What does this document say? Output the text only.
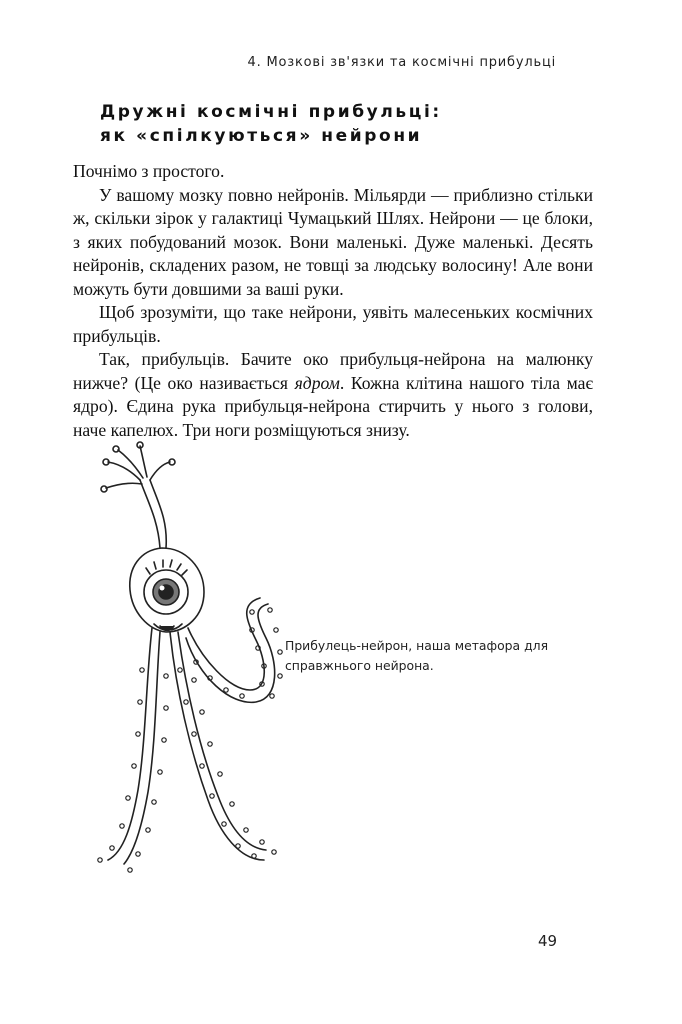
4. Мозкові зв'язки та космічні прибульці
Дружні космічні прибульці:
як «спілкуються» нейрони

Почнімо з простого.

У вашому мозку повно нейронів. Мільярди — приблизно стільки ж, скільки зірок у галактиці Чумацький Шлях. Нейрони — це блоки, з яких побудований мозок. Вони маленькі. Дуже маленькі. Десять нейронів, складених разом, не товщі за людську волосину! Але вони можуть бути довшими за ваші руки.

Щоб зрозуміти, що таке нейрони, уявіть малесеньких космічних прибульців.

Так, прибульців. Бачите око прибульця-нейрона на малюнку нижче? (Це око називається ядром. Кожна клітина нашого тіла має ядро). Єдина рука прибульця-нейрона стирчить у нього з голови, наче капелюх. Три ноги розміщуються знизу.

Прибулець-нейрон, наша метафора для справжнього нейрона.
49
